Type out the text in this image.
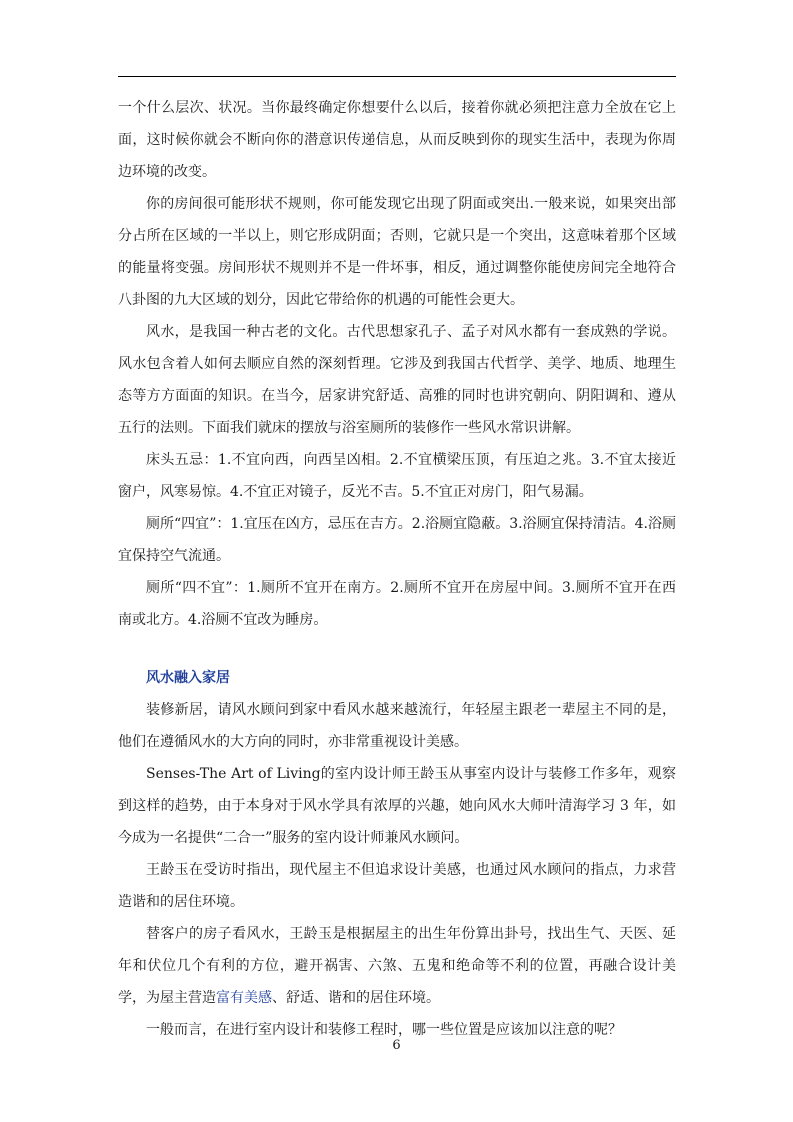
一个什么层次、状况。当你最终确定你想要什么以后，接着你就必须把注意力全放在它上面，这时候你就会不断向你的潜意识传递信息，从而反映到你的现实生活中，表现为你周边环境的改变。

你的房间很可能形状不规则，你可能发现它出现了阴面或突出.一般来说，如果突出部分占所在区域的一半以上，则它形成阴面；否则，它就只是一个突出，这意味着那个区域的能量将变强。房间形状不规则并不是一件坏事，相反，通过调整你能使房间完全地符合八卦图的九大区域的划分，因此它带给你的机遇的可能性会更大。

风水，是我国一种古老的文化。古代思想家孔子、孟子对风水都有一套成熟的学说。风水包含着人如何去顺应自然的深刻哲理。它涉及到我国古代哲学、美学、地质、地理生态等方方面面的知识。在当今，居家讲究舒适、高雅的同时也讲究朝向、阴阳调和、遵从五行的法则。下面我们就床的摆放与浴室厕所的装修作一些风水常识讲解。

床头五忌：1.不宜向西，向西呈凶相。2.不宜横梁压顶，有压迫之兆。3.不宜太接近窗户，风寒易惊。4.不宜正对镜子，反光不吉。5.不宜正对房门，阳气易漏。

厕所“四宜”：1.宜压在凶方，忌压在吉方。2.浴厕宜隐蔽。3.浴厕宜保持清洁。4.浴厕宜保持空气流通。

厕所“四不宜”：1.厕所不宜开在南方。2.厕所不宜开在房屋中间。3.厕所不宜开在西南或北方。4.浴厕不宜改为睡房。

风水融入家居

装修新居，请风水顾问到家中看风水越来越流行，年轻屋主跟老一辈屋主不同的是，他们在遵循风水的大方向的同时，亦非常重视设计美感。

Senses-The Art of Living的室内设计师王龄玉从事室内设计与装修工作多年，观察到这样的趋势，由于本身对于风水学具有浓厚的兴趣，她向风水大师叶清海学习 3 年，如今成为一名提供“二合一”服务的室内设计师兼风水顾问。

王龄玉在受访时指出，现代屋主不但追求设计美感，也通过风水顾问的指点，力求营造谐和的居住环境。

替客户的房子看风水，王龄玉是根据屋主的出生年份算出卦号，找出生气、天医、延年和伏位几个有利的方位，避开祸害、六煞、五鬼和绝命等不利的位置，再融合设计美学，为屋主营造富有美感、舒适、谐和的居住环境。

一般而言，在进行室内设计和装修工程时，哪一些位置是应该加以注意的呢？

6
